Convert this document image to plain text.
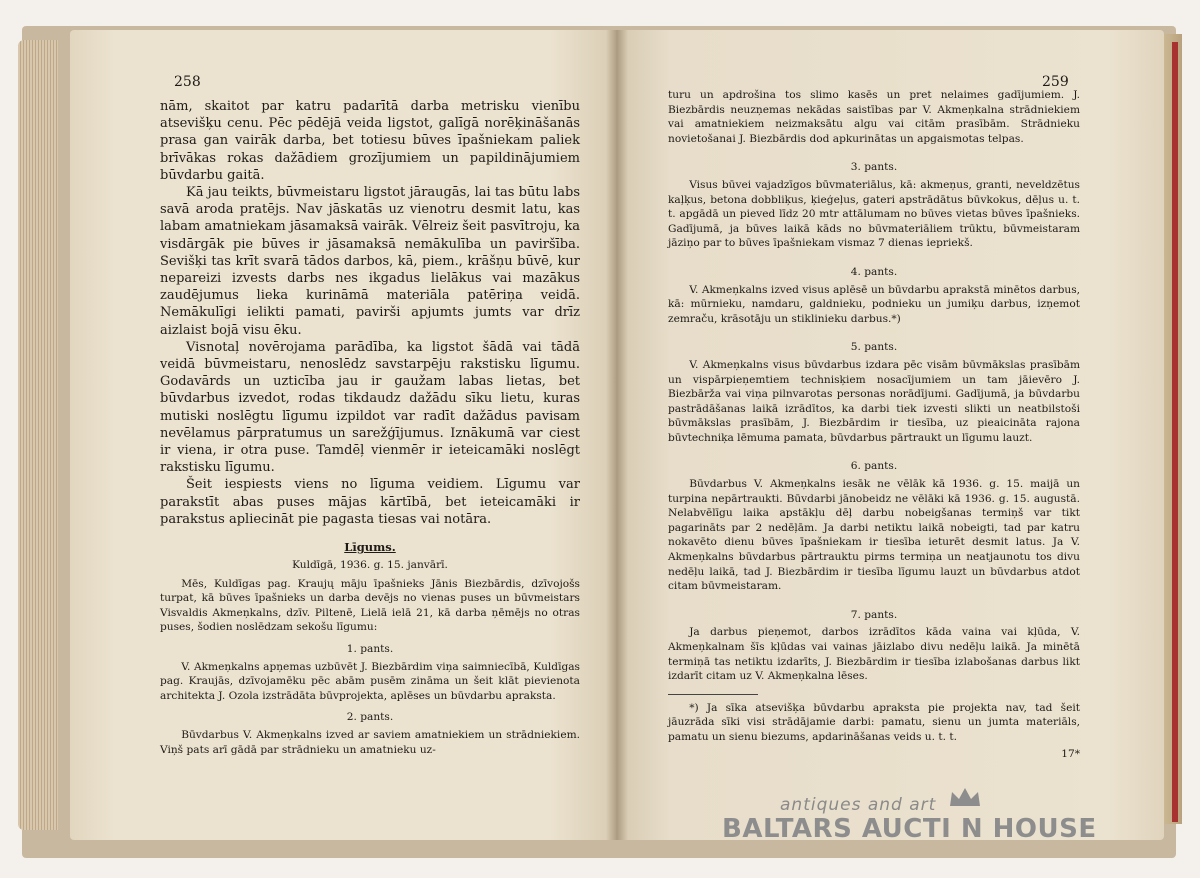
258

nām, skaitot par katru padarītā darba metrisku vienību atsevišķu cenu. Pēc pēdējā veida ligstot, galīgā norēķināšanās prasa gan vairāk darba, bet totiesu būves īpašniekam paliek brīvākas rokas dažādiem grozījumiem un papildinājumiem būvdarbu gaitā.

Kā jau teikts, būvmeistaru ligstot jāraugās, lai tas būtu labs savā aroda pratējs. Nav jāskatās uz vienotru desmit latu, kas labam amatniekam jāsamaksā vairāk. Vēlreiz šeit pasvītroju, ka visdārgāk pie būves ir jāsamaksā nemākulība un paviršība. Sevišķi tas krīt svarā tādos darbos, kā, piem., krāšņu būvē, kur nepareizi izvests darbs nes ikgadus lielākus vai mazākus zaudējumus lieka kurināmā materiāla patēriņa veidā. Nemākulīgi ielikti pamati, pavirši apjumts jumts var drīz aizlaist bojā visu ēku.

Visnotaļ novērojama parādība, ka ligstot šādā vai tādā veidā būvmeistaru, nenoslēdz savstarpēju rakstisku līgumu. Godavārds un uzticība jau ir gaužam labas lietas, bet būvdarbus izvedot, rodas tikdaudz dažādu sīku lietu, kuras mutiski noslēgtu līgumu izpildot var radīt dažādus pavisam nevēlamus pārpratumus un sarežģījumus. Iznākumā var ciest ir viena, ir otra puse. Tamdēļ vienmēr ir ieteicamāki noslēgt rakstisku līgumu.

Šeit iespiests viens no līguma veidiem. Līgumu var parakstīt abas puses mājas kārtībā, bet ieteicamāki ir parakstus apliecināt pie pagasta tiesas vai notāra.

Līgums.

Kuldīgā, 1936. g. 15. janvārī.

Mēs, Kuldīgas pag. Kraujų māju īpašnieks Jānis Biezbārdis, dzīvojošs turpat, kā būves īpašnieks un darba devējs no vienas puses un būvmeistars Visvaldis Akmeņkalns, dzīv. Piltenē, Lielā ielā 21, kā darba ņēmējs no otras puses, šodien noslēdzam sekošu līgumu:

1. pants.

V. Akmeņkalns apņemas uzbūvēt J. Biezbārdim viņa saimniecībā, Kuldīgas pag. Kraujās, dzīvojamēku pēc abām pusēm zināma un šeit klāt pievienota architekta J. Ozola izstrādāta būvprojekta, aplēses un būvdarbu apraksta.

2. pants.

Būvdarbus V. Akmeņkalns izved ar saviem amatniekiem un strādniekiem. Viņš pats arī gādā par strādnieku un amatnieku uz-

259

turu un apdrošina tos slimo kasēs un pret nelaimes gadījumiem. J. Biezbārdis neuzņemas nekādas saistības par V. Akmeņkalna strādniekiem vai amatniekiem neizmaksātu algu vai citām prasībām. Strādnieku novietošanai J. Biezbārdis dod apkurinātas un apgaismotas telpas.

3. pants.

Visus būvei vajadzīgos būvmateriālus, kā: akmeņus, granti, neveldzētus kaļķus, betona dobbliķus, ķieģeļus, gateri apstrādātus būvkokus, dēļus u. t. t. apgādā un pieved līdz 20 mtr attālumam no būves vietas būves īpašnieks. Gadījumā, ja būves laikā kāds no būvmateriāliem trūktu, būvmeistaram jāziņo par to būves īpašniekam vismaz 7 dienas iepriekš.

4. pants.

V. Akmeņkalns izved visus aplēsē un būvdarbu aprakstā minētos darbus, kā: mūrnieku, namdaru, galdnieku, podnieku un jumiķu darbus, izņemot zemraču, krāsotāju un stiklinieku darbus.*)

5. pants.

V. Akmeņkalns visus būvdarbus izdara pēc visām būvmākslas prasībām un vispārpieņemtiem technisķiem nosacījumiem un tam jāievēro J. Biezbārža vai viņa pilnvarotas personas norādījumi. Gadījumā, ja būvdarbu pastrādāšanas laikā izrādītos, ka darbi tiek izvesti slikti un neatbilstoši būvmākslas prasībām, J. Biezbārdim ir tiesība, uz pieaicināta rajona būvtechniķa lēmuma pamata, būvdarbus pārtraukt un līgumu lauzt.

6. pants.

Būvdarbus V. Akmeņkalns iesāk ne vēlāk kā 1936. g. 15. maijā un turpina nepārtraukti. Būvdarbi jānobeidz ne vēlāki kā 1936. g. 15. augustā. Nelabvēlīgu laika apstākļu dēļ darbu nobeigšanas termiņš var tikt pagarināts par 2 nedēļām. Ja darbi netiktu laikā nobeigti, tad par katru nokavēto dienu būves īpašniekam ir tiesība ieturēt desmit latus. Ja V. Akmeņkalns būvdarbus pārtrauktu pirms termiņa un neatjaunotu tos divu nedēļu laikā, tad J. Biezbārdim ir tiesība līgumu lauzt un būvdarbus atdot citam būvmeistaram.

7. pants.

Ja darbus pieņemot, darbos izrādītos kāda vaina vai kļūda, V. Akmeņkalnam šīs kļūdas vai vainas jāizlabo divu nedēļu laikā. Ja minētā termiņā tas netiktu izdarīts, J. Biezbārdim ir tiesība izlabošanas darbus likt izdarīt citam uz V. Akmeņkalna lēses.

*) Ja sīka atsevišķa būvdarbu apraksta pie projekta nav, tad šeit jāuzrāda sīki visi strādājamie darbi: pamatu, sienu un jumta materiāls, pamatu un sienu biezums, apdarināšanas veids u. t. t.

17*

antiques and art
BALTARS AUCTI N HOUSE
